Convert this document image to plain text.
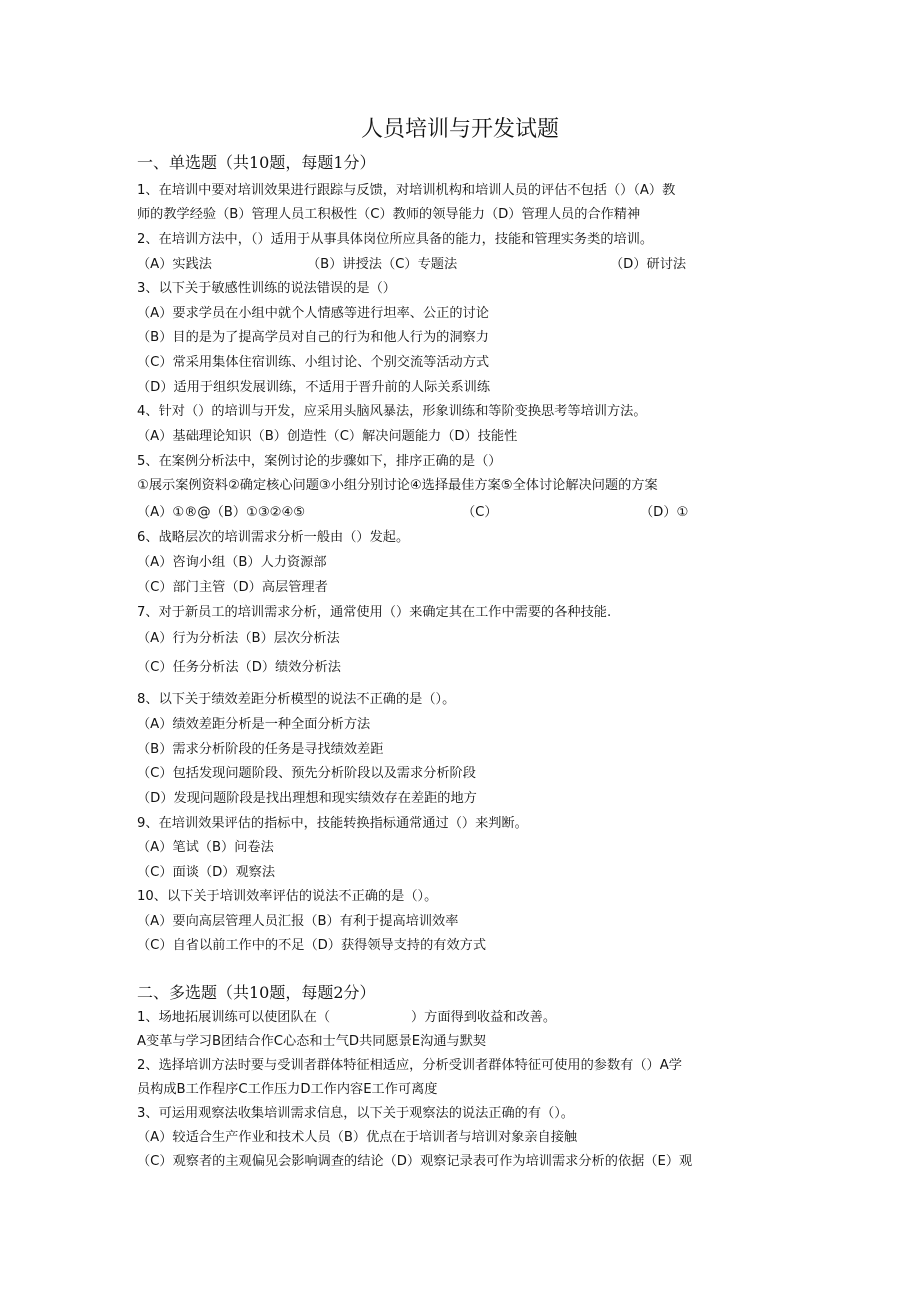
人员培训与开发试题
一、单选题（共10题，每题1分）
1、在培训中要对培训效果进行跟踪与反馈，对培训机构和培训人员的评估不包括（）（A）教
师的教学经验（B）管理人员工积极性（C）教师的领导能力（D）管理人员的合作精神
2、在培训方法中，（）适用于从事具体岗位所应具备的能力，技能和管理实务类的培训。
（A）实践法	（B）讲授法（C）专题法	（D）研讨法
3、以下关于敏感性训练的说法错误的是（）
（A）要求学员在小组中就个人情感等进行坦率、公正的讨论
（B）目的是为了提高学员对自己的行为和他人行为的洞察力
（C）常采用集体住宿训练、小组讨论、个别交流等活动方式
（D）适用于组织发展训练，不适用于晋升前的人际关系训练
4、针对（）的培训与开发，应采用头脑风暴法，形象训练和等阶变换思考等培训方法。
（A）基础理论知识（B）创造性（C）解决问题能力（D）技能性
5、在案例分析法中，案例讨论的步骤如下，排序正确的是（）
①展示案例资料②确定核心问题③小组分别讨论④选择最佳方案⑤全体讨论解决问题的方案
（A）①®@（B）①③②④⑤	（C）	（D）①
6、战略层次的培训需求分析一般由（）发起。
（A）咨询小组（B）人力资源部
（C）部门主管（D）高层管理者
7、对于新员工的培训需求分析，通常使用（）来确定其在工作中需要的各种技能.
（A）行为分析法（B）层次分析法
（C）任务分析法（D）绩效分析法
8、以下关于绩效差距分析模型的说法不正确的是（）。
（A）绩效差距分析是一种全面分析方法
（B）需求分析阶段的任务是寻找绩效差距
（C）包括发现问题阶段、预先分析阶段以及需求分析阶段
（D）发现问题阶段是找出理想和现实绩效存在差距的地方
9、在培训效果评估的指标中，技能转换指标通常通过（）来判断。
（A）笔试（B）问卷法
（C）面谈（D）观察法
10、以下关于培训效率评估的说法不正确的是（）。
（A）要向高层管理人员汇报（B）有利于提高培训效率
（C）自省以前工作中的不足（D）获得领导支持的有效方式
二、多选题（共10题，每题2分）
1、场地拓展训练可以使团队在（	）方面得到收益和改善。
A变革与学习B团结合作C心态和士气D共同愿景E沟通与默契
2、选择培训方法时要与受训者群体特征相适应，分析受训者群体特征可使用的参数有（）A学
员构成B工作程序C工作压力D工作内容E工作可离度
3、可运用观察法收集培训需求信息，以下关于观察法的说法正确的有（）。
（A）较适合生产作业和技术人员（B）优点在于培训者与培训对象亲自接触
（C）观察者的主观偏见会影响调查的结论（D）观察记录表可作为培训需求分析的依据（E）观
